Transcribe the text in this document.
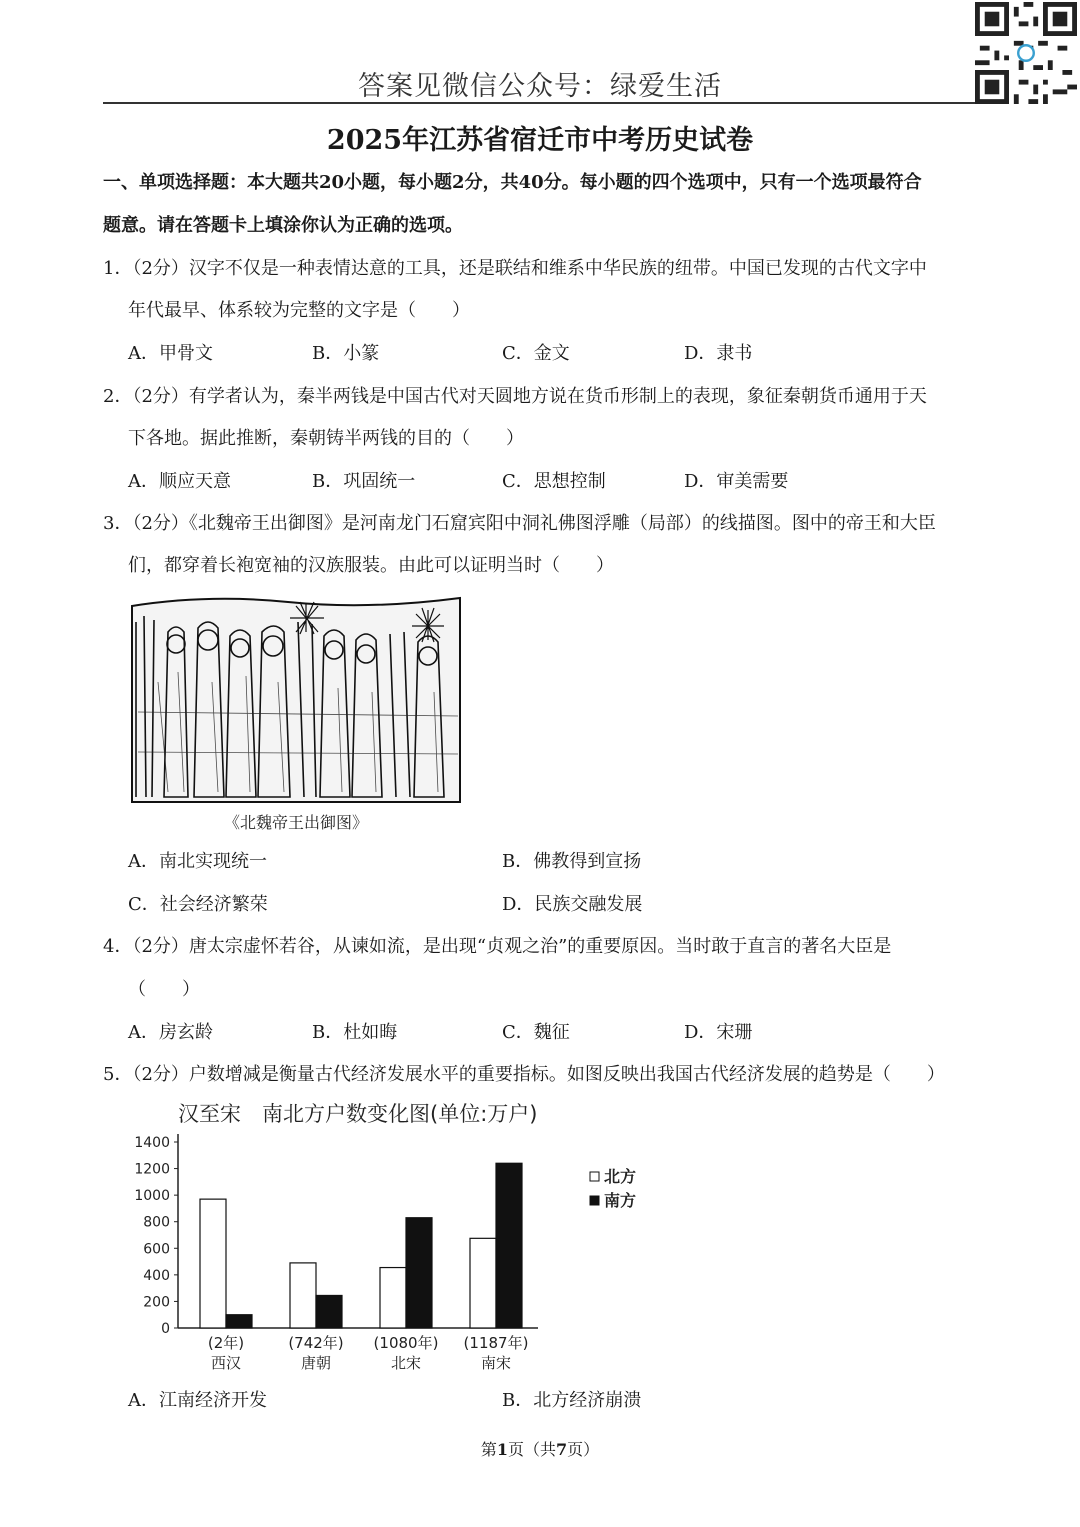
答案见微信公众号：绿爱生活
2025年江苏省宿迁市中考历史试卷
一、单项选择题：本大题共20小题，每小题2分，共40分。每小题的四个选项中，只有一个选项最符合
题意。请在答题卡上填涂你认为正确的选项。
1．（2分）汉字不仅是一种表情达意的工具，还是联结和维系中华民族的纽带。中国已发现的古代文字中
年代最早、体系较为完整的文字是（　　）
A．甲骨文	B．小篆	C．金文	D．隶书
2．（2分）有学者认为，秦半两钱是中国古代对天圆地方说在货币形制上的表现，象征秦朝货币通用于天
下各地。据此推断，秦朝铸半两钱的目的（　　）
A．顺应天意	B．巩固统一	C．思想控制	D．审美需要
3．（2分）《北魏帝王出御图》是河南龙门石窟宾阳中洞礼佛图浮雕（局部）的线描图。图中的帝王和大臣
们，都穿着长袍宽袖的汉族服装。由此可以证明当时（　　）
《北魏帝王出御图》
A．南北实现统一	B．佛教得到宣扬
C．社会经济繁荣	D．民族交融发展
4．（2分）唐太宗虚怀若谷，从谏如流，是出现“贞观之治”的重要原因。当时敢于直言的著名大臣是
（　　）
A．房玄龄	B．杜如晦	C．魏征	D．宋珊
5．（2分）户数增减是衡量古代经济发展水平的重要指标。如图反映出我国古代经济发展的趋势是（　　）
汉至宋　南北方户数变化图(单位:万户)
0
200
400
600
800
1000
1200
1400
(2年)
西汉
(742年)
唐朝
(1080年)
北宋
(1187年)
南宋
北方
南方
A．江南经济开发	B．北方经济崩溃
第1页（共7页）
